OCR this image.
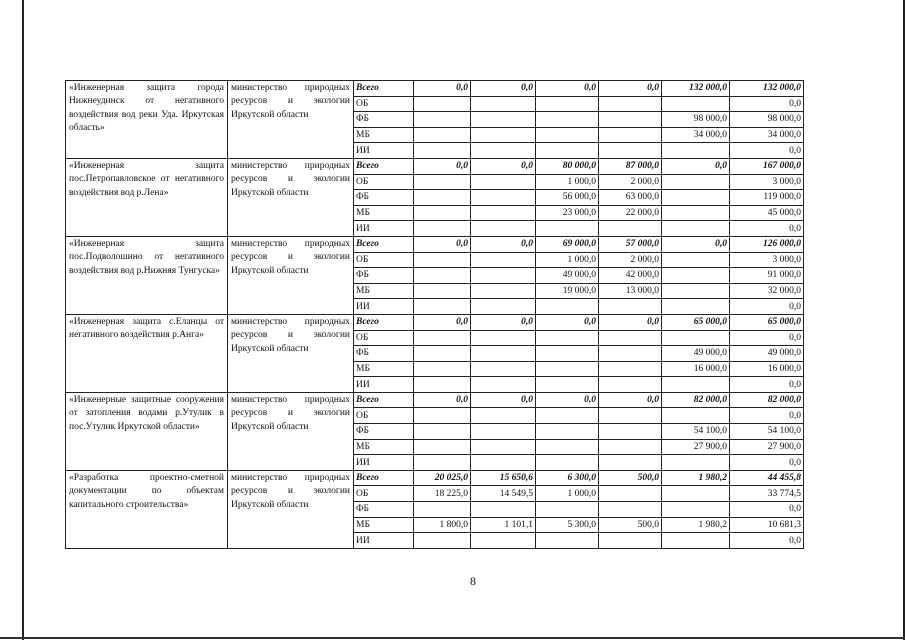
«Инженерная защита города Нижнеудинск от негативного воздействия вод реки Уда. Иркутская область»	министерство природных ресурсов и экологии Иркутской области	Всего	0,0	0,0	0,0	0,0	132 000,0	132 000,0
		ОБ						0,0
		ФБ					98 000,0	98 000,0
		МБ					34 000,0	34 000,0
		ИИ						0,0
«Инженерная защита пос.Петропавловское от негативного воздействия вод р.Лена»	министерство природных ресурсов и экологии Иркутской области	Всего	0,0	0,0	80 000,0	87 000,0	0,0	167 000,0
		ОБ			1 000,0	2 000,0		3 000,0
		ФБ			56 000,0	63 000,0		119 000,0
		МБ			23 000,0	22 000,0		45 000,0
		ИИ						0,0
«Инженерная защита пос.Подволошино от негативного воздействия вод р.Нижняя Тунгуска»	министерство природных ресурсов и экологии Иркутской области	Всего	0,0	0,0	69 000,0	57 000,0	0,0	126 000,0
		ОБ			1 000,0	2 000,0		3 000,0
		ФБ			49 000,0	42 000,0		91 000,0
		МБ			19 000,0	13 000,0		32 000,0
		ИИ						0,0
«Инженерная защита с.Еланцы от негативного воздействия р.Анга»	министерство природных ресурсов и экологии Иркутской области	Всего	0,0	0,0	0,0	0,0	65 000,0	65 000,0
		ОБ						0,0
		ФБ					49 000,0	49 000,0
		МБ					16 000,0	16 000,0
		ИИ						0,0
«Инженерные защитные сооружения от затопления водами р.Утулик в пос.Утулик Иркутской области»	министерство природных ресурсов и экологии Иркутской области	Всего	0,0	0,0	0,0	0,0	82 000,0	82 000,0
		ОБ						0,0
		ФБ					54 100,0	54 100,0
		МБ					27 900,0	27 900,0
		ИИ						0,0
«Разработка проектно-сметной документации по объектам капитального строительства»	министерство природных ресурсов и экологии Иркутской области	Всего	20 025,0	15 650,6	6 300,0	500,0	1 980,2	44 455,8
		ОБ	18 225,0	14 549,5	1 000,0			33 774,5
		ФБ						0,0
		МБ	1 800,0	1 101,1	5 300,0	500,0	1 980,2	10 681,3
		ИИ						0,0
8
